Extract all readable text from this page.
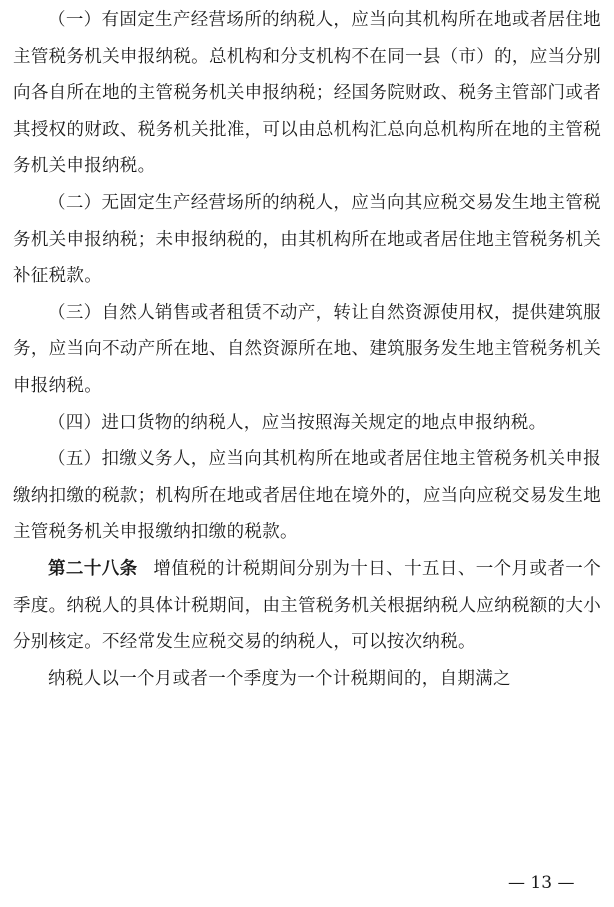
（一）有固定生产经营场所的纳税人，应当向其机构所在地或者居住地主管税务机关申报纳税。总机构和分支机构不在同一县（市）的，应当分别向各自所在地的主管税务机关申报纳税；经国务院财政、税务主管部门或者其授权的财政、税务机关批准，可以由总机构汇总向总机构所在地的主管税务机关申报纳税。

（二）无固定生产经营场所的纳税人，应当向其应税交易发生地主管税务机关申报纳税；未申报纳税的，由其机构所在地或者居住地主管税务机关补征税款。

（三）自然人销售或者租赁不动产，转让自然资源使用权，提供建筑服务，应当向不动产所在地、自然资源所在地、建筑服务发生地主管税务机关申报纳税。

（四）进口货物的纳税人，应当按照海关规定的地点申报纳税。

（五）扣缴义务人，应当向其机构所在地或者居住地主管税务机关申报缴纳扣缴的税款；机构所在地或者居住地在境外的，应当向应税交易发生地主管税务机关申报缴纳扣缴的税款。

第二十八条 增值税的计税期间分别为十日、十五日、一个月或者一个季度。纳税人的具体计税期间，由主管税务机关根据纳税人应纳税额的大小分别核定。不经常发生应税交易的纳税人，可以按次纳税。

纳税人以一个月或者一个季度为一个计税期间的，自期满之

— 13 —
